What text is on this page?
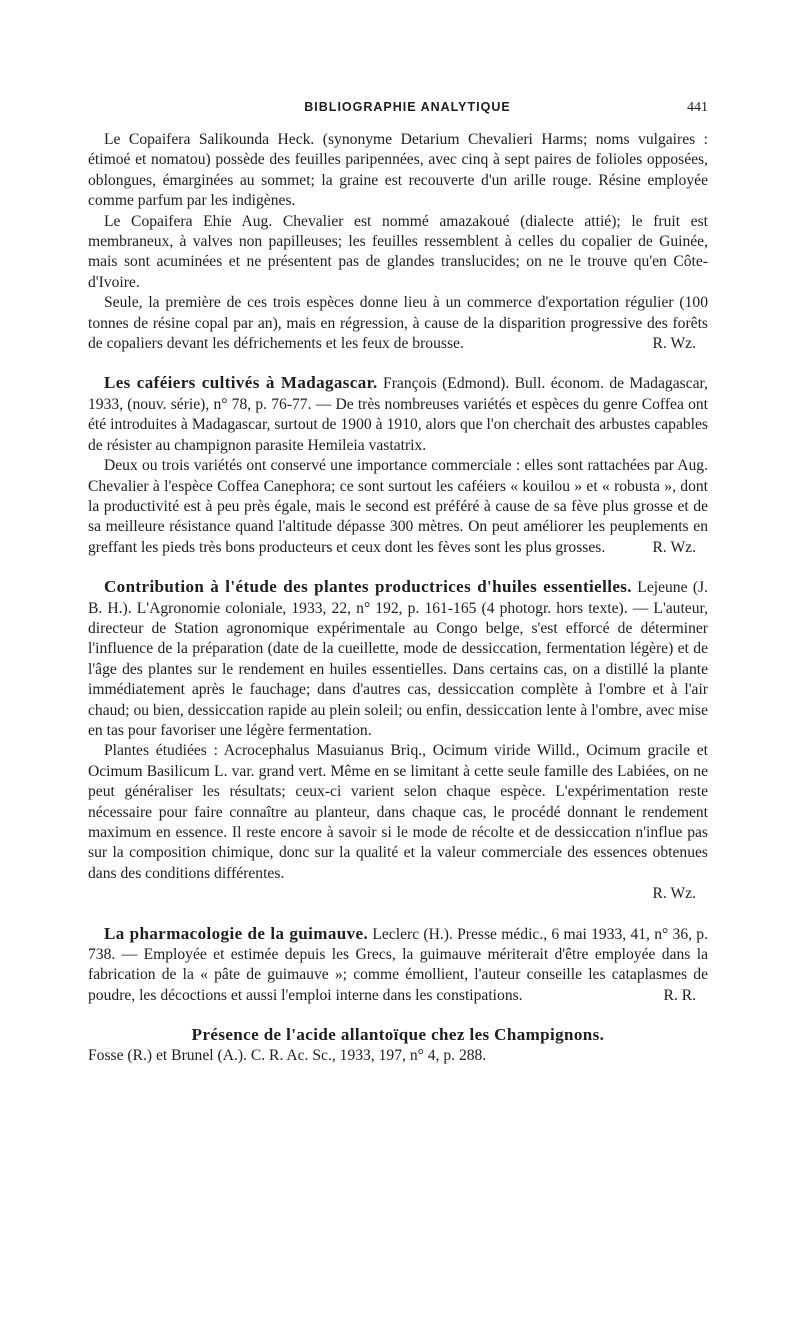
BIBLIOGRAPHIE ANALYTIQUE	441

Le Copaifera Salikounda Heck. (synonyme Detarium Chevalieri Harms; noms vulgaires : étimoé et nomatou) possède des feuilles paripennées, avec cinq à sept paires de folioles opposées, oblongues, émarginées au sommet; la graine est recouverte d'un arille rouge. Résine employée comme parfum par les indigènes.

Le Copaifera Ehie Aug. Chevalier est nommé amazakoué (dialecte attié); le fruit est membraneux, à valves non papilleuses; les feuilles ressemblent à celles du copalier de Guinée, mais sont acuminées et ne présentent pas de glandes translucides; on ne le trouve qu'en Côte-d'Ivoire.

Seule, la première de ces trois espèces donne lieu à un commerce d'exportation régulier (100 tonnes de résine copal par an), mais en régression, à cause de la disparition progressive des forêts de copaliers devant les défrichements et les feux de brousse.	R. Wz.

Les caféiers cultivés à Madagascar. François (Edmond). Bull. économ. de Madagascar, 1933, (nouv. série), n° 78, p. 76-77. — De très nombreuses variétés et espèces du genre Coffea ont été introduites à Madagascar, surtout de 1900 à 1910, alors que l'on cherchait des arbustes capables de résister au champignon parasite Hemileia vastatrix.

Deux ou trois variétés ont conservé une importance commerciale : elles sont rattachées par Aug. Chevalier à l'espèce Coffea Canephora; ce sont surtout les caféiers « kouilou » et « robusta », dont la productivité est à peu près égale, mais le second est préféré à cause de sa fève plus grosse et de sa meilleure résistance quand l'altitude dépasse 300 mètres. On peut améliorer les peuplements en greffant les pieds très bons producteurs et ceux dont les fèves sont les plus grosses.	R. Wz.

Contribution à l'étude des plantes productrices d'huiles essentielles. Lejeune (J. B. H.). L'Agronomie coloniale, 1933, 22, n° 192, p. 161-165 (4 photogr. hors texte). — L'auteur, directeur de Station agronomique expérimentale au Congo belge, s'est efforcé de déterminer l'influence de la préparation (date de la cueillette, mode de dessiccation, fermentation légère) et de l'âge des plantes sur le rendement en huiles essentielles. Dans certains cas, on a distillé la plante immédiatement après le fauchage; dans d'autres cas, dessiccation complète à l'ombre et à l'air chaud; ou bien, dessiccation rapide au plein soleil; ou enfin, dessiccation lente à l'ombre, avec mise en tas pour favoriser une légère fermentation.

Plantes étudiées : Acrocephalus Masuianus Briq., Ocimum viride Willd., Ocimum gracile et Ocimum Basilicum L. var. grand vert. Même en se limitant à cette seule famille des Labiées, on ne peut généraliser les résultats; ceux-ci varient selon chaque espèce. L'expérimentation reste nécessaire pour faire connaître au planteur, dans chaque cas, le procédé donnant le rendement maximum en essence. Il reste encore à savoir si le mode de récolte et de dessiccation n'influe pas sur la composition chimique, donc sur la qualité et la valeur commerciale des essences obtenues dans des conditions différentes.

R. Wz.

La pharmacologie de la guimauve. Leclerc (H.). Presse médic., 6 mai 1933, 41, n° 36, p. 738. — Employée et estimée depuis les Grecs, la guimauve mériterait d'être employée dans la fabrication de la « pâte de guimauve »; comme émollient, l'auteur conseille les cataplasmes de poudre, les décoctions et aussi l'emploi interne dans les constipations.	R. R.

Présence de l'acide allantoïque chez les Champignons.

Fosse (R.) et Brunel (A.). C. R. Ac. Sc., 1933, 197, n° 4, p. 288.
